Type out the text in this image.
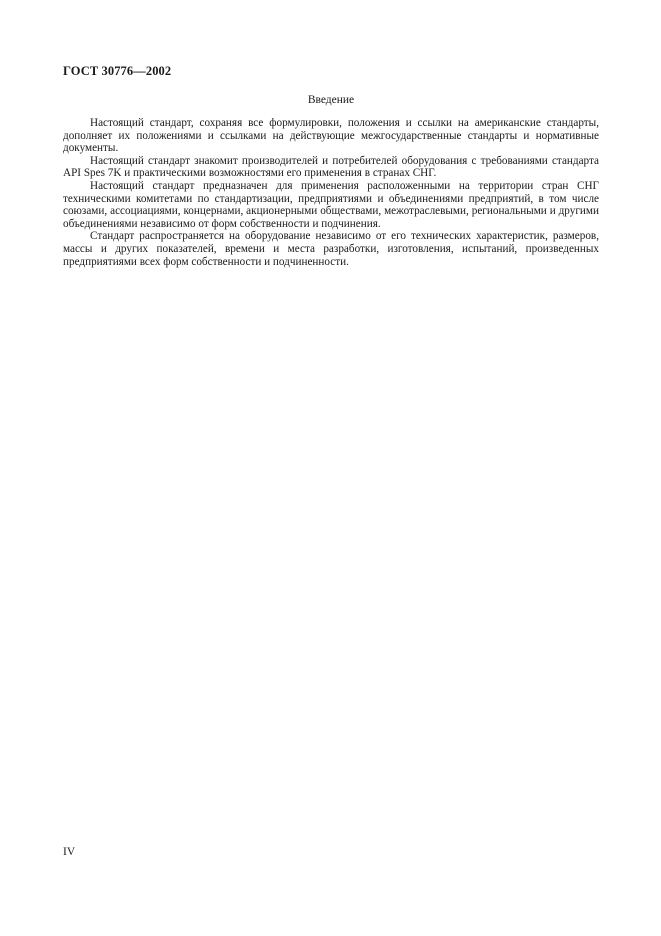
ГОСТ 30776—2002
Введение

Настоящий стандарт, сохраняя все формулировки, положения и ссылки на американские стандарты, дополняет их положениями и ссылками на действующие межгосударственные стандарты и нормативные документы.

Настоящий стандарт знакомит производителей и потребителей оборудования с требованиями стандарта API Spes 7K и практическими возможностями его применения в странах СНГ.

Настоящий стандарт предназначен для применения расположенными на территории стран СНГ техническими комитетами по стандартизации, предприятиями и объединениями предприятий, в том числе союзами, ассоциациями, концернами, акционерными обществами, межотраслевыми, региональными и другими объединениями независимо от форм собственности и подчинения.

Стандарт распространяется на оборудование независимо от его технических характеристик, размеров, массы и других показателей, времени и места разработки, изготовления, испытаний, произведенных предприятиями всех форм собственности и подчиненности.

IV
